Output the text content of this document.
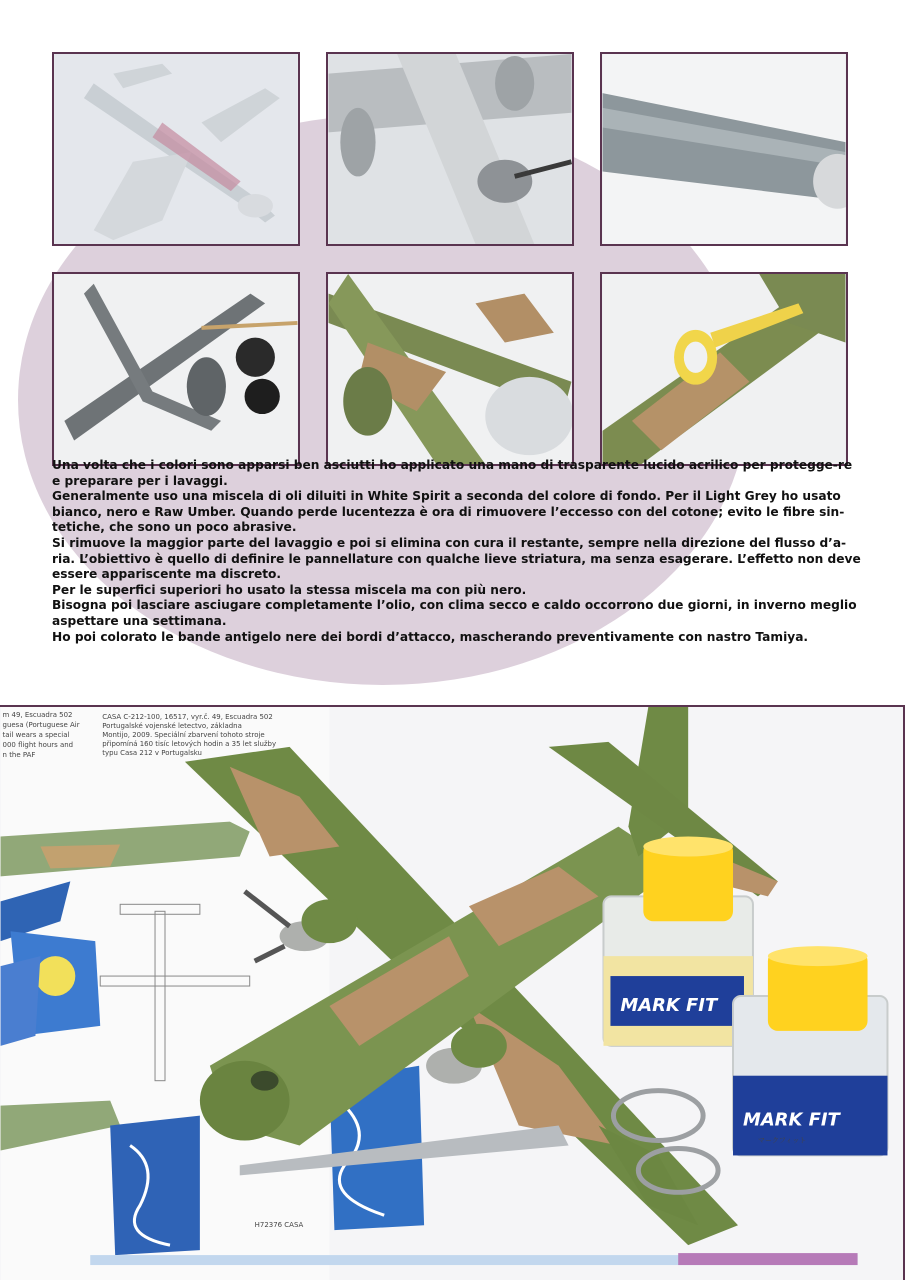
Una volta che i colori sono apparsi ben asciutti ho applicato una mano di trasparente lucido acrilico per protegge-re e preparare per i lavaggi.

Generalmente uso una miscela di oli diluiti in White Spirit a seconda del colore di fondo. Per il Light Grey ho usato bianco, nero e Raw Umber. Quando perde lucentezza è ora di rimuovere l’eccesso con del cotone; evito le fibre sin-tetiche, che sono un poco abrasive.

Si rimuove la maggior parte del lavaggio e poi si elimina con cura il restante, sempre nella direzione del flusso d’a-ria. L’obiettivo è quello di definire le pannellature con qualche lieve striatura, ma senza esagerare. L’effetto non deve essere appariscente ma discreto.

Per le superfici superiori ho usato la stessa miscela ma con più nero.

Bisogna poi lasciare asciugare completamente l’olio, con clima secco e caldo occorrono due giorni, in inverno meglio aspettare una settimana.

Ho poi colorato le bande antigelo nere dei bordi d’attacco, mascherando preventivamente con nastro Tamiya.

m 49, Escuadra 502
guesa (Portuguese Air
tail wears a special
000 flight hours and
n the PAF
CASA C-212-100, 16517, vyr.č. 49, Escuadra 502
Portugalské vojenské letectvo, základna
Montijo, 2009. Speciální zbarvení tohoto stroje
připomíná 160 tisíc letových hodin a 35 let služby
typu Casa 212 v Portugalsku
H72376 CASA
MARK FIT
MARK FIT
マークフィット
